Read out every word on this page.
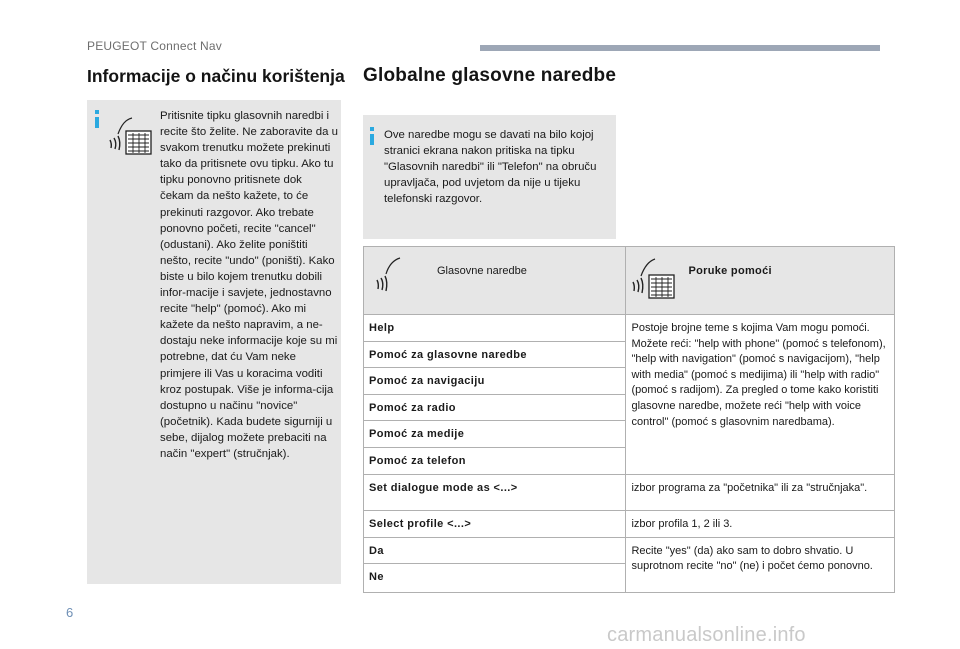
PEUGEOT Connect Nav
Informacije o načinu korištenja Globalne glasovne naredbe

Pritisnite tipku glasovnih naredbi i recite što želite. Ne zaboravite da u svakom trenutku možete prekinuti tako da pritisnete ovu tipku. Ako tu tipku ponovno pritisnete dok čekam da nešto kažete, to će prekinuti razgovor. Ako trebate ponovno početi, recite "cancel" (odustani). Ako želite poništiti nešto, recite "undo" (poništi). Kako biste u bilo kojem trenutku dobili infor-macije i savjete, jednostavno recite "help" (pomoć). Ako mi kažete da nešto napravim, a ne-dostaju neke informacije koje su mi potrebne, dat ću Vam neke primjere ili Vas u koracima voditi kroz postupak. Više je informa-cija dostupno u načinu "novice" (početnik). Kada budete sigurniji u sebe, dijalog možete prebaciti na način "expert" (stručnjak).

Ove naredbe mogu se davati na bilo kojoj stranici ekrana nakon pritiska na tipku "Glasovnih naredbi" ili "Telefon" na obruču upravljača, pod uvjetom da nije u tijeku telefonski razgovor.

Glasovne naredbe	Poruke pomoći

Help	Postoje brojne teme s kojima Vam mogu pomoći. Možete reći: "help with phone" (pomoć s telefonom), "help with navigation" (pomoć s navigacijom), "help with media" (pomoć s medijima) ili "help with radio" (pomoć s radijom). Za pregled o tome kako koristiti glasovne naredbe, možete reći "help with voice control" (pomoć s glasovnim naredbama).
Pomoć za glasovne naredbe	
Pomoć za navigaciju	
Pomoć za radio	
Pomoć za medije	
Pomoć za telefon	
Set dialogue mode as <...>	izbor programa za "početnika" ili za "stručnjaka".
Select profile <...>	izbor profila 1, 2 ili 3.
Da	Recite "yes" (da) ako sam to dobro shvatio. U suprotnom recite "no" (ne) i počet ćemo ponovno.
Ne	
6
carmanualsonline.info
